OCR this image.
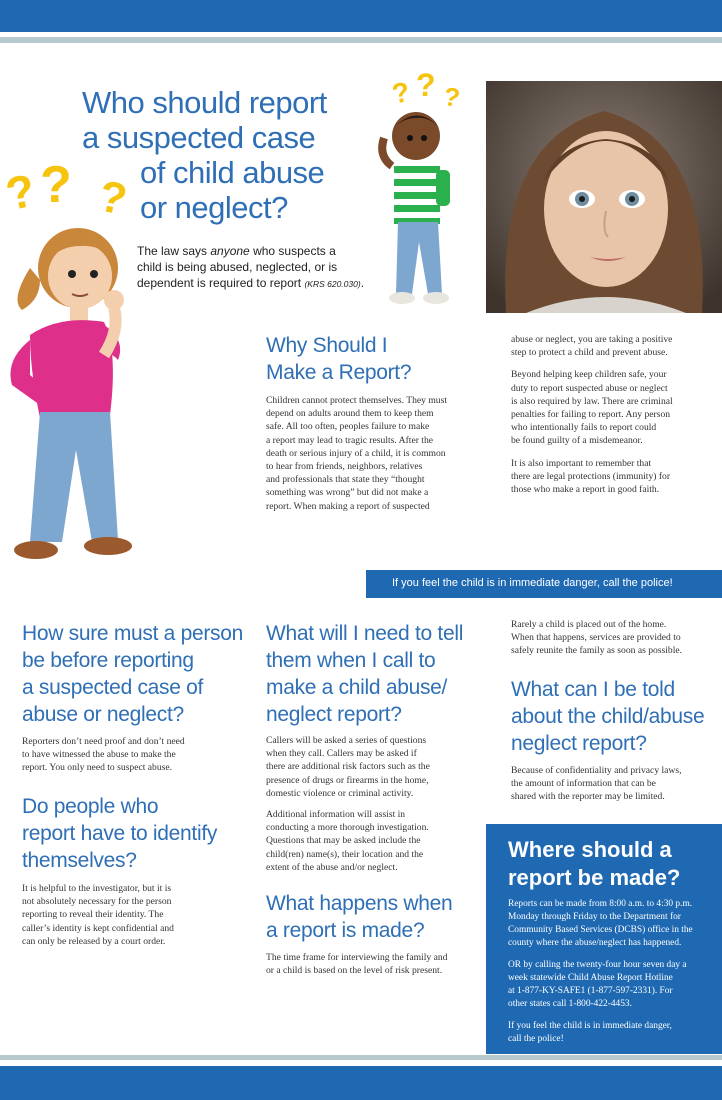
Who should report
a suspected case
of child abuse
or neglect?
The law says anyone who suspects a
child is being abused, neglected, or is
dependent is required to report (KRS 620.030).
? ? ?
? ? ?
Why Should I
Make a Report?
Children cannot protect themselves. They must
depend on adults around them to keep them
safe. All too often, peoples failure to make
a report may lead to tragic results. After the
death or serious injury of a child, it is common
to hear from friends, neighbors, relatives
and professionals that state they “thought
something was wrong” but did not make a
report. When making a report of suspected
abuse or neglect, you are taking a positive
step to protect a child and prevent abuse.
Beyond helping keep children safe, your
duty to report suspected abuse or neglect
is also required by law. There are criminal
penalties for failing to report. Any person
who intentionally fails to report could
be found guilty of a misdemeanor.
It is also important to remember that
there are legal protections (immunity) for
those who make a report in good faith.
If you feel the child is in immediate danger, call the police!
How sure must a person
be before reporting
a suspected case of
abuse or neglect?
Reporters don’t need proof and don’t need
to have witnessed the abuse to make the
report. You only need to suspect abuse.
Do people who
report have to identify
themselves?
It is helpful to the investigator, but it is
not absolutely necessary for the person
reporting to reveal their identity. The
caller’s identity is kept confidential and
can only be released by a court order.
What will I need to tell
them when I call to
make a child abuse/
neglect report?
Callers will be asked a series of questions
when they call. Callers may be asked if
there are additional risk factors such as the
presence of drugs or firearms in the home,
domestic violence or criminal activity.
Additional information will assist in
conducting a more thorough investigation.
Questions that may be asked include the
child(ren) name(s), their location and the
extent of the abuse and/or neglect.
What happens when
a report is made?
The time frame for interviewing the family and
or a child is based on the level of risk present.
Rarely a child is placed out of the home.
When that happens, services are provided to
safely reunite the family as soon as possible.
What can I be told
about the child/abuse
neglect report?
Because of confidentiality and privacy laws,
the amount of information that can be
shared with the reporter may be limited.
Where should a
report be made?
Reports can be made from 8:00 a.m. to 4:30 p.m.
Monday through Friday to the Department for
Community Based Services (DCBS) office in the
county where the abuse/neglect has happened.
OR by calling the twenty-four hour seven day a
week statewide Child Abuse Report Hotline
at 1-877-KY-SAFE1 (1-877-597-2331). For
other states call 1-800-422-4453.
If you feel the child is in immediate danger,
call the police!
